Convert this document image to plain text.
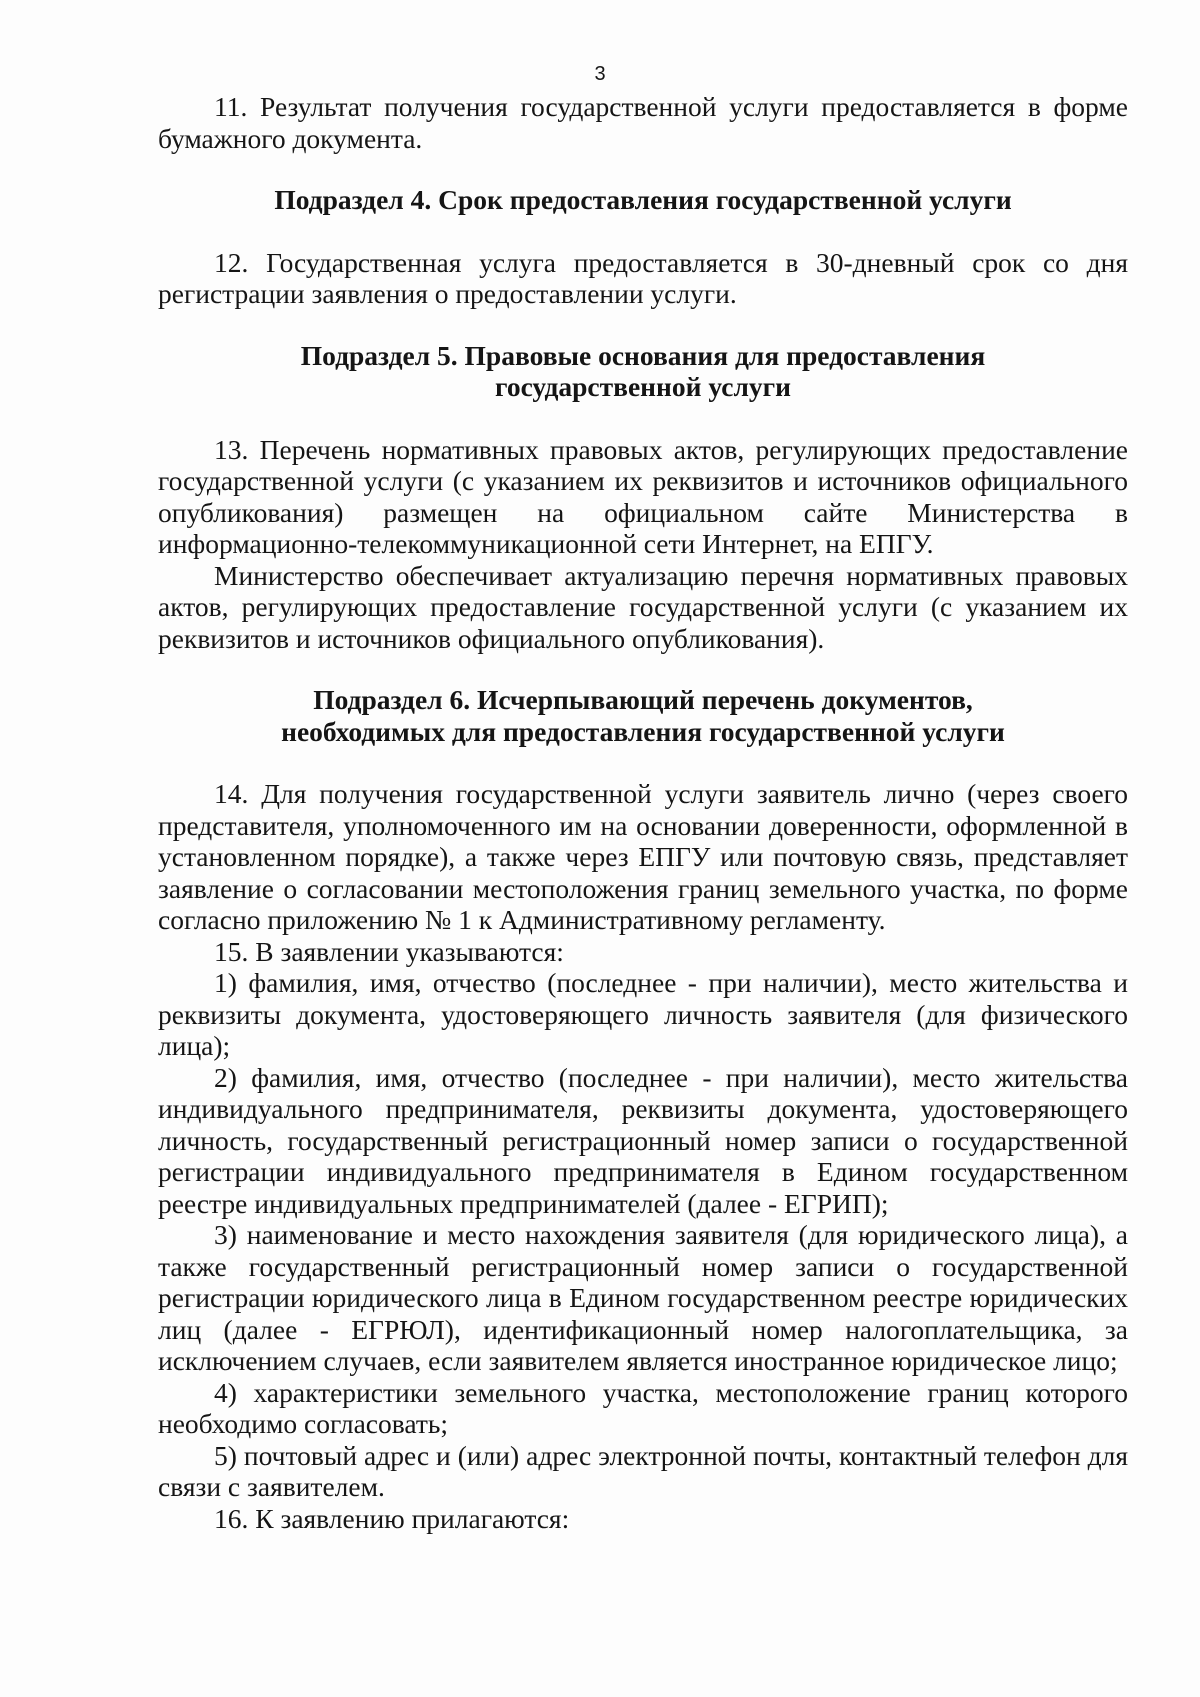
3

11. Результат получения государственной услуги предоставляется в форме бумажного документа.

Подраздел 4. Срок предоставления государственной услуги

12. Государственная услуга предоставляется в 30-дневный срок со дня регистрации заявления о предоставлении услуги.

Подраздел 5. Правовые основания для предоставления
государственной услуги

13. Перечень нормативных правовых актов, регулирующих предоставление государственной услуги (с указанием их реквизитов и источников официального опубликования) размещен на официальном сайте Министерства в информационно-телекоммуникационной сети Интернет, на ЕПГУ.

Министерство обеспечивает актуализацию перечня нормативных правовых актов, регулирующих предоставление государственной услуги (с указанием их реквизитов и источников официального опубликования).

Подраздел 6. Исчерпывающий перечень документов,
необходимых для предоставления государственной услуги

14. Для получения государственной услуги заявитель лично (через своего представителя, уполномоченного им на основании доверенности, оформленной в установленном порядке), а также через ЕПГУ или почтовую связь, представляет заявление о согласовании местоположения границ земельного участка, по форме согласно приложению № 1 к Административному регламенту.

15. В заявлении указываются:

1) фамилия, имя, отчество (последнее - при наличии), место жительства и реквизиты документа, удостоверяющего личность заявителя (для физического лица);

2) фамилия, имя, отчество (последнее - при наличии), место жительства индивидуального предпринимателя, реквизиты документа, удостоверяющего личность, государственный регистрационный номер записи о государственной регистрации индивидуального предпринимателя в Едином государственном реестре индивидуальных предпринимателей (далее - ЕГРИП);

3) наименование и место нахождения заявителя (для юридического лица), а также государственный регистрационный номер записи о государственной регистрации юридического лица в Едином государственном реестре юридических лиц (далее - ЕГРЮЛ), идентификационный номер налогоплательщика, за исключением случаев, если заявителем является иностранное юридическое лицо;

4) характеристики земельного участка, местоположение границ которого необходимо согласовать;

5) почтовый адрес и (или) адрес электронной почты, контактный телефон для связи с заявителем.

16. К заявлению прилагаются:
